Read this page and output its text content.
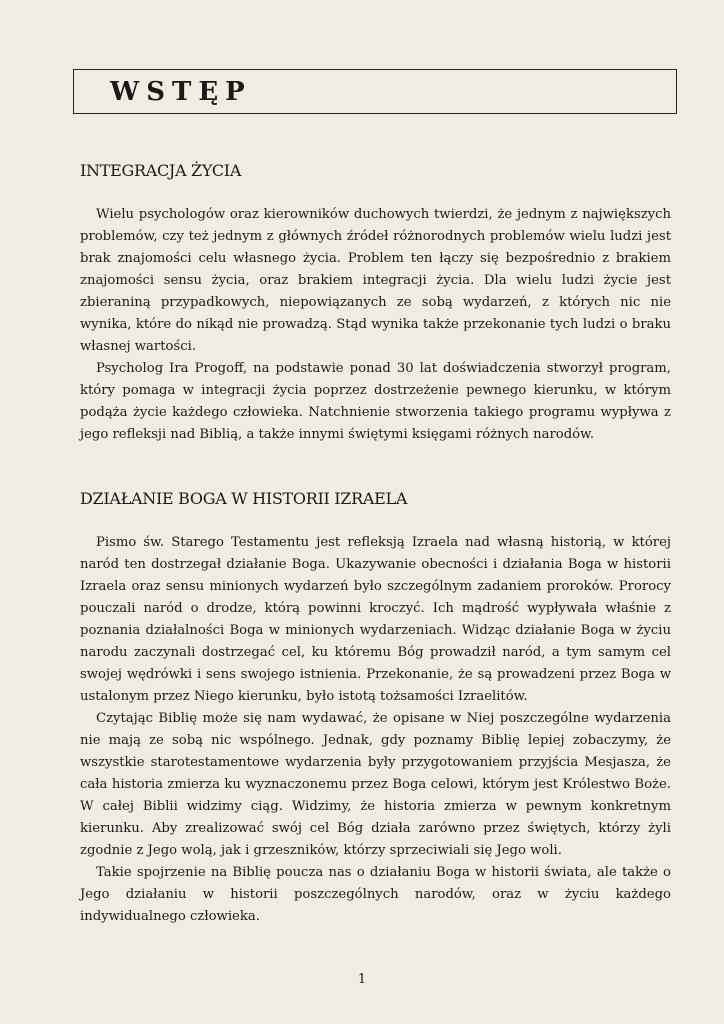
WSTĘP
INTEGRACJA ŻYCIA

Wielu psychologów oraz kierowników duchowych twierdzi, że jednym z największych problemów, czy też jednym z głównych źródeł różnorodnych problemów wielu ludzi jest brak znajomości celu własnego życia. Problem ten łączy się bezpośrednio z brakiem znajomości sensu życia, oraz brakiem integracji życia. Dla wielu ludzi życie jest zbieraniną przypadkowych, niepowiązanych ze sobą wydarzeń, z których nic nie wynika, które do nikąd nie prowadzą. Stąd wynika także przekonanie tych ludzi o braku własnej wartości.

Psycholog Ira Progoff, na podstawie ponad 30 lat doświadczenia stworzył program, który pomaga w integracji życia poprzez dostrzeżenie pewnego kierunku, w którym podąża życie każdego człowieka. Natchnienie stworzenia takiego programu wypływa z jego refleksji nad Biblią, a także innymi świętymi księgami różnych narodów.

DZIAŁANIE BOGA W HISTORII IZRAELA

Pismo św. Starego Testamentu jest refleksją Izraela nad własną historią, w której naród ten dostrzegał działanie Boga. Ukazywanie obecności i działania Boga w historii Izraela oraz sensu minionych wydarzeń było szczególnym zadaniem proroków. Prorocy pouczali naród o drodze, którą powinni kroczyć. Ich mądrość wypływała właśnie z poznania działalności Boga w minionych wydarzeniach. Widząc działanie Boga w życiu narodu zaczynali dostrzegać cel, ku któremu Bóg prowadził naród, a tym samym cel swojej wędrówki i sens swojego istnienia. Przekonanie, że są prowadzeni przez Boga w ustalonym przez Niego kierunku, było istotą tożsamości Izraelitów.

Czytając Biblię może się nam wydawać, że opisane w Niej poszczególne wydarzenia nie mają ze sobą nic wspólnego. Jednak, gdy poznamy Biblię lepiej zobaczymy, że wszystkie starotestamentowe wydarzenia były przygotowaniem przyjścia Mesjasza, że cała historia zmierza ku wyznaczonemu przez Boga celowi, którym jest Królestwo Boże. W całej Biblii widzimy ciąg. Widzimy, że historia zmierza w pewnym konkretnym kierunku. Aby zrealizować swój cel Bóg działa zarówno przez świętych, którzy żyli zgodnie z Jego wolą, jak i grzeszników, którzy sprzeciwiali się Jego woli.

Takie spojrzenie na Biblię poucza nas o działaniu Boga w historii świata, ale także o Jego działaniu w historii poszczególnych narodów, oraz w życiu każdego indywidualnego człowieka.

1
